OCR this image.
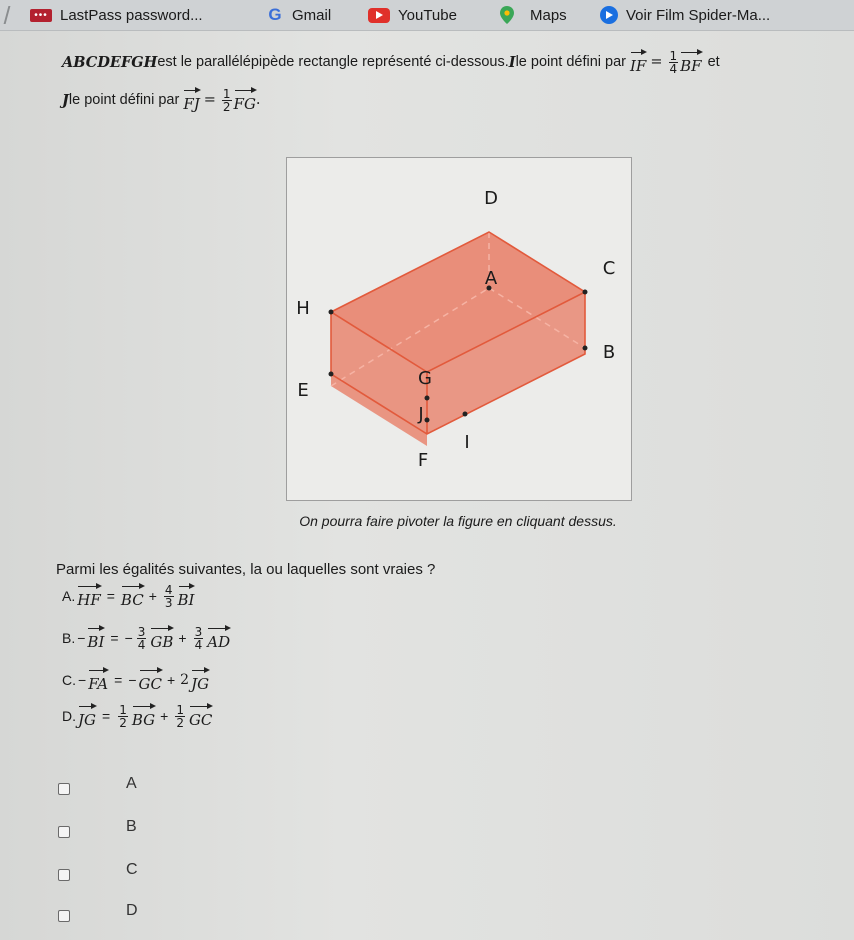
••• LastPass password...	G Gmail	YouTube	Maps	Voir Film Spider-Ma...
ABCDEFGH est le parallélépipède rectangle représenté ci-dessous. I le point défini par IF = $\frac{1}{4}$ BF et
J le point défini par FJ = $\frac{1}{2}$ FG .
D
C
A
H
B
G
E
J
I
F
On pourra faire pivoter la figure en cliquant dessus.
Parmi les égalités suivantes, la ou laquelles sont vraies ?
A. HF = BC + $\frac{4}{3}$ BI
B. − BI = − $\frac{3}{4}$ GB + $\frac{3}{4}$ AD
C. − FA = − GC + 2 JG
D. JG = $\frac{1}{2}$ BG + $\frac{1}{2}$ GC
A
B
C
D
